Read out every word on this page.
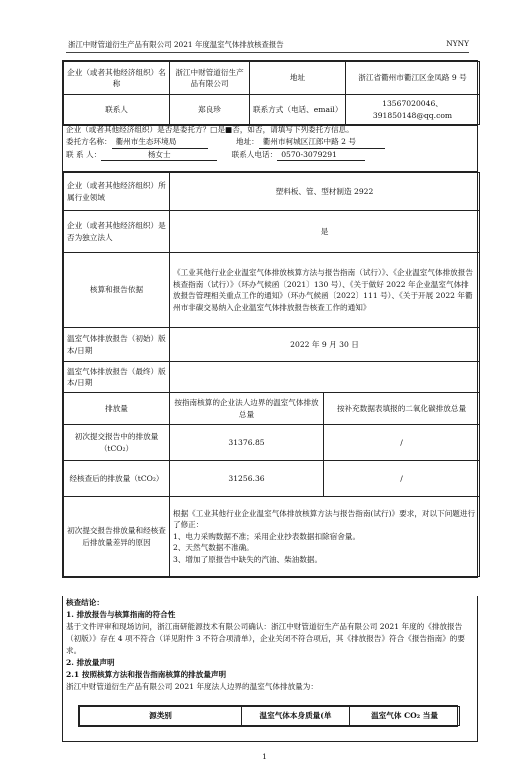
浙江中财管道衍生产品有限公司 2021 年度温室气体排放核查报告	NYNY
企业（或者其他经济组织）名称	浙江中财管道衍生产品有限公司	地址	浙江省衢州市衢江区金凤路 9 号
联系人	郑良珍	联系方式（电话、email）	13567020046、391850148@qq.com
企业（或者其他经济组织）是否是委托方？□是■否，如否，请填写下列委托方信息。
委托方名称： 衢州市生态环境局	地址： 衢州市柯城区江郎中路 2 号
联 系 人：	杨女士	联系人电话： 0570-3079291
企业（或者其他经济组织）所属行业领域	塑料板、管、型材制造 2922	
企业（或者其他经济组织）是否为独立法人	是	
核算和报告依据	《工业其他行业企业温室气体排放核算方法与报告指南（试行）》、《企业温室气体排放报告核查指南（试行）》（环办气候函〔2021〕130 号）、《关于做好 2022 年企业温室气体排放报告管理相关重点工作的通知》（环办气候函〔2022〕111 号）、《关于开展 2022 年衢州市非碳交易纳入企业温室气体排放报告核查工作的通知》	
温室气体排放报告（初始）版本/日期	2022 年 9 月 30 日	
温室气体排放报告（最终）版本/日期		
排放量	按指南核算的企业法人边界的温室气体排放总量	按补充数据表填报的二氧化碳排放总量
初次提交报告中的排放量（tCO₂）	31376.85	/
经核查后的排放量（tCO₂）	31256.36	/
初次提交报告排放量和经核查后排放量差异的原因	根据《工业其他行业企业温室气体排放核算方法与报告指南(试行)》要求，对以下问题进行了修正：
1、电力采购数据不准；采用企业抄表数据扣除宿舍量。
2、天然气数据不准确。
3、增加了原报告中缺失的汽油、柴油数据。	
核查结论：
1. 排放报告与核算指南的符合性
基于文件评审和现场访问，浙江南研能源技术有限公司确认：浙江中财管道衍生产品有限公司 2021 年度的《排放报告（初版）》存在 4 项不符合（详见附件 3 不符合项清单），企业关闭不符合项后，其《排放报告》符合《报告指南》的要求。
2. 排放量声明
2.1 按照核算方法和报告指南核算的排放量声明
浙江中财管道衍生产品有限公司 2021 年度法人边界的温室气体排放量为：
源类别	温室气体本身质量(单	温室气体 CO₂ 当量
1
